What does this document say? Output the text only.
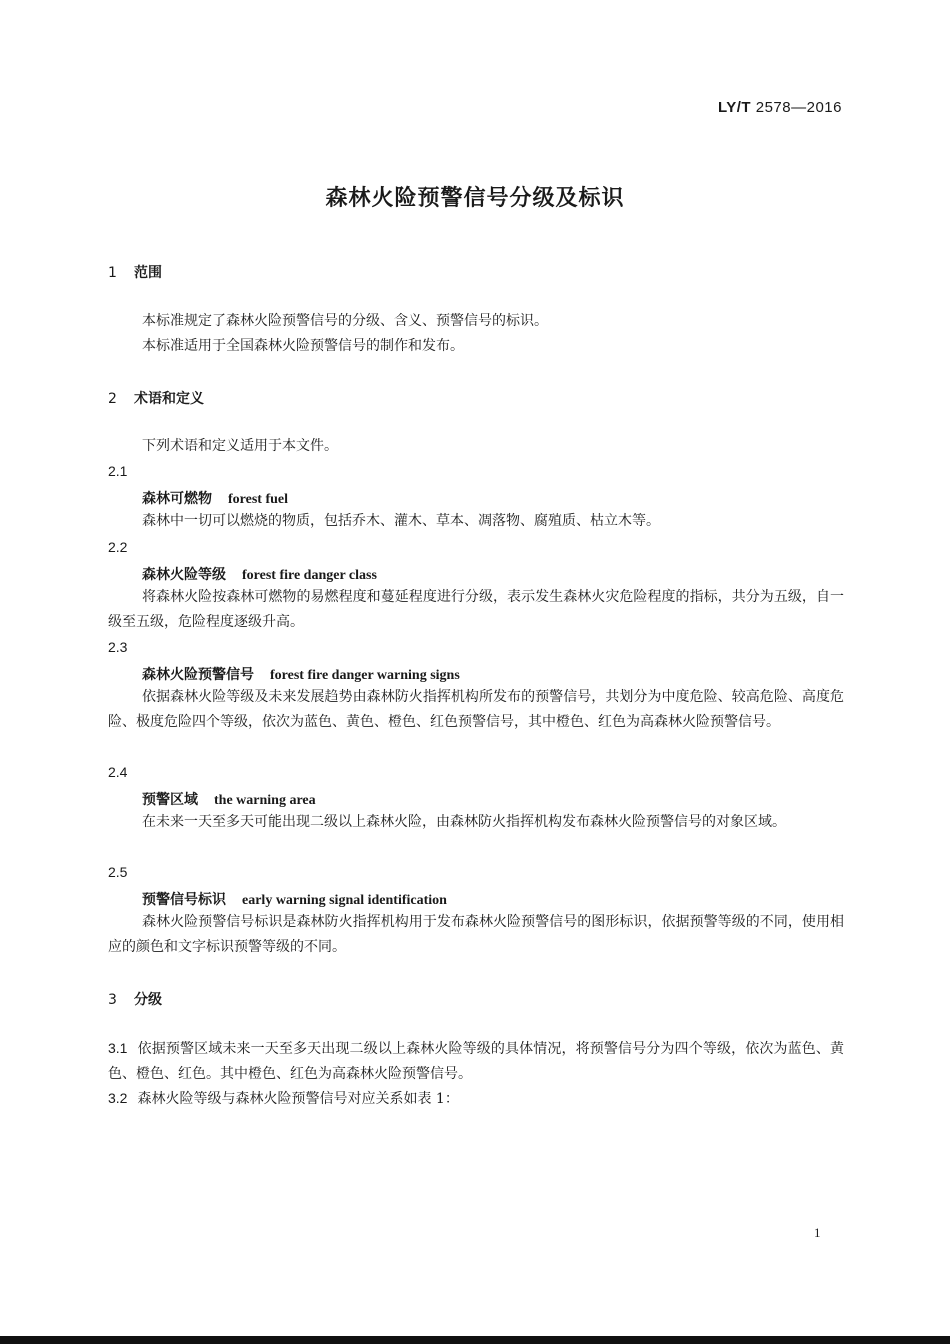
LY/T 2578—2016
森林火险预警信号分级及标识
1 范围
本标准规定了森林火险预警信号的分级、含义、预警信号的标识。
本标准适用于全国森林火险预警信号的制作和发布。
2 术语和定义
下列术语和定义适用于本文件。
2.1
森林可燃物 forest fuel
森林中一切可以燃烧的物质，包括乔木、灌木、草本、凋落物、腐殖质、枯立木等。
2.2
森林火险等级 forest fire danger class
将森林火险按森林可燃物的易燃程度和蔓延程度进行分级，表示发生森林火灾危险程度的指标，共分为五级，自一级至五级，危险程度逐级升高。
2.3
森林火险预警信号 forest fire danger warning signs
依据森林火险等级及未来发展趋势由森林防火指挥机构所发布的预警信号，共划分为中度危险、较高危险、高度危险、极度危险四个等级，依次为蓝色、黄色、橙色、红色预警信号，其中橙色、红色为高森林火险预警信号。
2.4
预警区域 the warning area
在未来一天至多天可能出现二级以上森林火险，由森林防火指挥机构发布森林火险预警信号的对象区域。
2.5
预警信号标识 early warning signal identification
森林火险预警信号标识是森林防火指挥机构用于发布森林火险预警信号的图形标识，依据预警等级的不同，使用相应的颜色和文字标识预警等级的不同。
3 分级
3.1 依据预警区域未来一天至多天出现二级以上森林火险等级的具体情况，将预警信号分为四个等级，依次为蓝色、黄色、橙色、红色。其中橙色、红色为高森林火险预警信号。
3.2 森林火险等级与森林火险预警信号对应关系如表 1：
1
